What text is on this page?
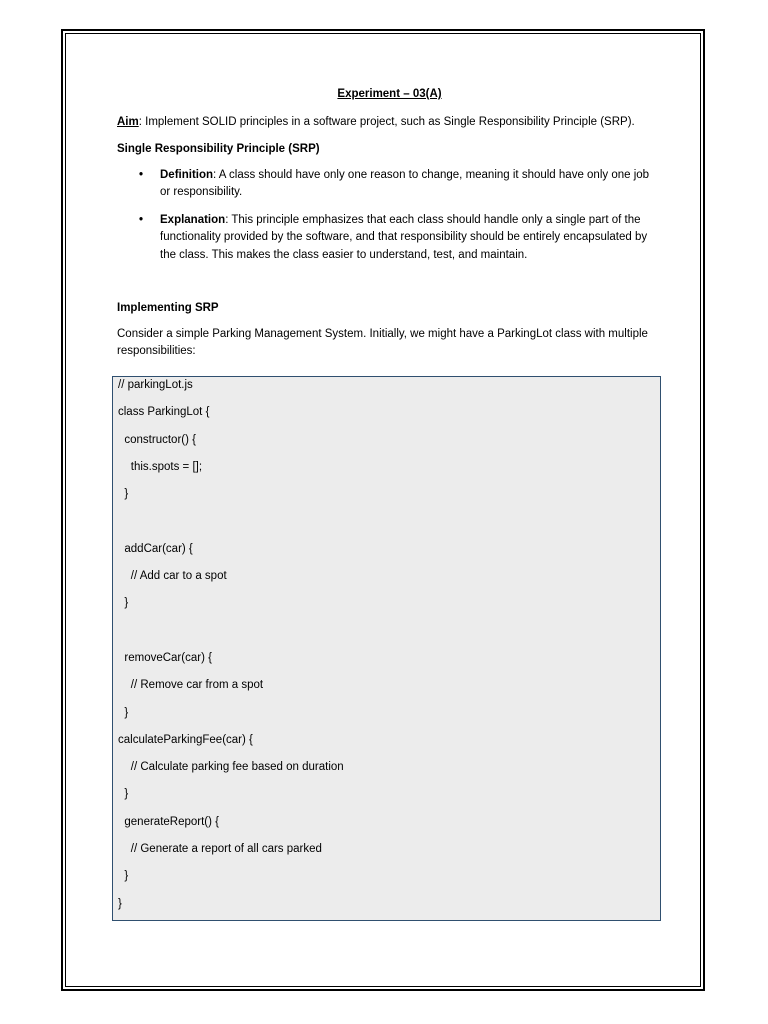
Experiment – 03(A)
Aim: Implement SOLID principles in a software project, such as Single Responsibility Principle (SRP).
Single Responsibility Principle (SRP)
• Definition: A class should have only one reason to change, meaning it should have only one job or responsibility.
• Explanation: This principle emphasizes that each class should handle only a single part of the functionality provided by the software, and that responsibility should be entirely encapsulated by the class. This makes the class easier to understand, test, and maintain.
Implementing SRP
Consider a simple Parking Management System. Initially, we might have a ParkingLot class with multiple responsibilities:
// parkingLot.js
class ParkingLot {
constructor() {
this.spots = [];
}
addCar(car) {
// Add car to a spot
}
removeCar(car) {
// Remove car from a spot
}
calculateParkingFee(car) {
// Calculate parking fee based on duration
}
generateReport() {
// Generate a report of all cars parked
}
}
